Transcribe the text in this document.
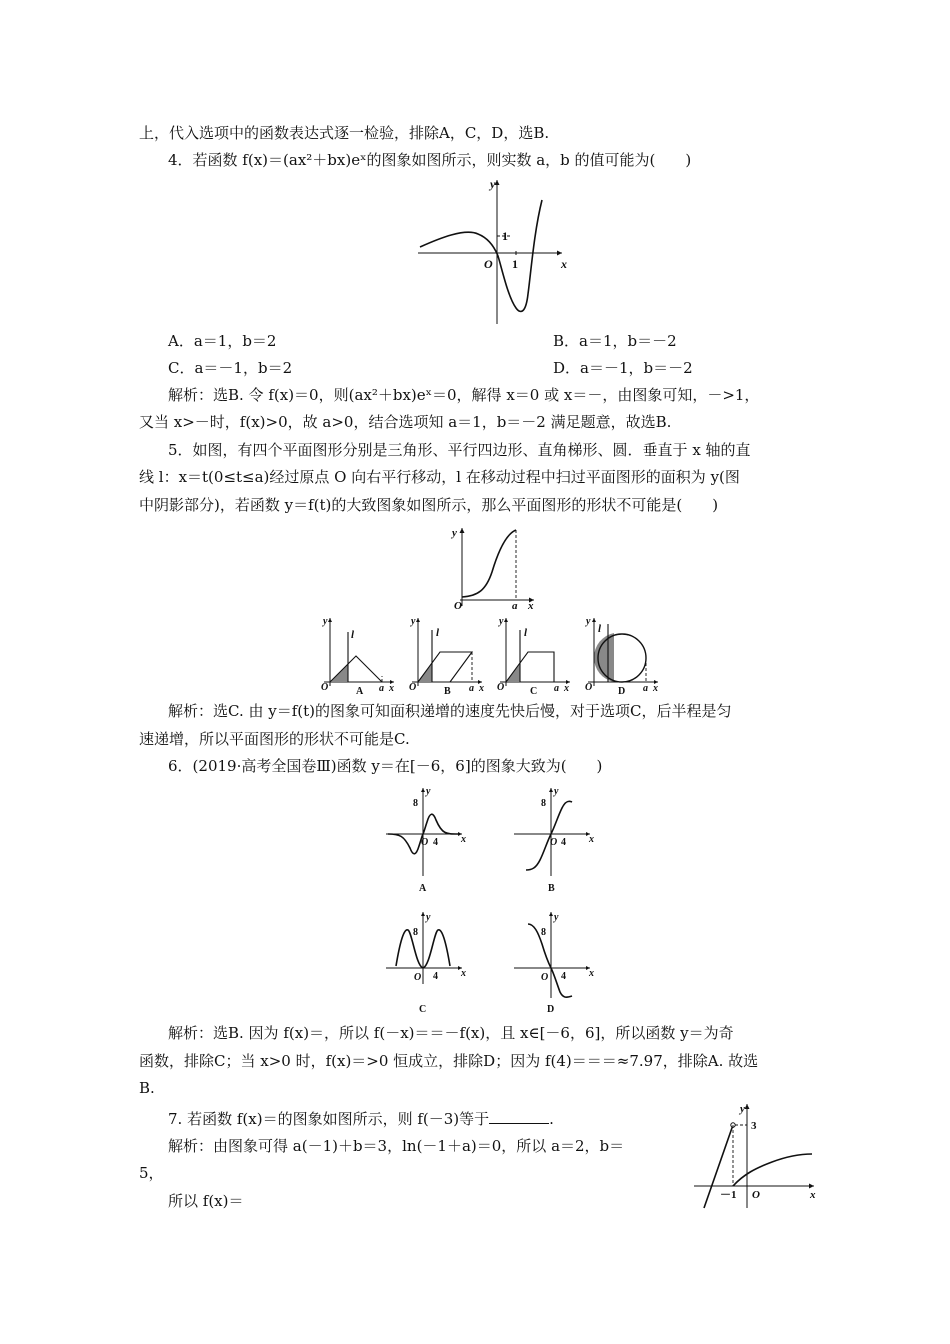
上，代入选项中的函数表达式逐一检验，排除A，C，D，选B.
4．若函数 f(x)＝(ax²＋bx)eˣ的图象如图所示，则实数 a，b 的值可能为(　　)
y
x
O
1
1
A．a＝1，b＝2	B．a＝1，b＝－2
C．a＝－1，b＝2	D．a＝－1，b＝－2
解析：选B. 令 f(x)＝0，则(ax²＋bx)eˣ＝0，解得 x＝0 或 x＝－，由图象可知，－>1，
又当 x>－时，f(x)>0，故 a>0，结合选项知 a＝1，b＝－2 满足题意，故选B.
5．如图，有四个平面图形分别是三角形、平行四边形、直角梯形、圆．垂直于 x 轴的直
线 l：x＝t(0≤t≤a)经过原点 O 向右平行移动，l 在移动过程中扫过平面图形的面积为 y(图
中阴影部分)，若函数 y＝f(t)的大致图象如图所示，那么平面图形的形状不可能是(　　)
y
O	a x
y
l
O	a x
A
y
l
O	a x
B
y
l
O	a x
C
y
l
O	a x
D
解析：选C. 由 y＝f(t)的图象可知面积递增的速度先快后慢，对于选项C，后半程是匀
速递增，所以平面图形的形状不可能是C.
6．(2019·高考全国卷Ⅲ)函数 y＝在[－6，6]的图象大致为(　　)
y
x
8
O 4
A
y
x
8
O 4
B
y
x
8
O 4
C
y
x
8
O 4
D
解析：选B. 因为 f(x)＝，所以 f(－x)＝＝－f(x)，且 x∈[－6，6]，所以函数 y＝为奇
函数，排除C；当 x>0 时，f(x)＝>0 恒成立，排除D；因为 f(4)＝＝＝≈7.97，排除A. 故选
B.
7. 若函数 f(x)＝的图象如图所示，则 f(－3)等于	.
解析：由图象可得 a(－1)＋b＝3，ln(－1＋a)＝0，所以 a＝2，b＝
5，
所以 f(x)＝
y
3
－1 O	x
